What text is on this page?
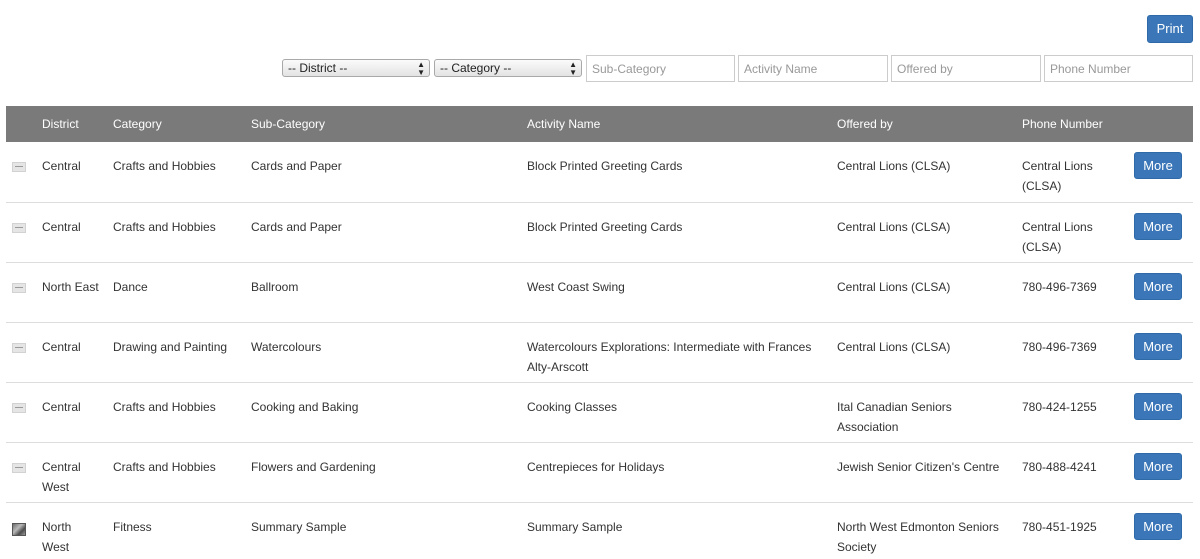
Print
-- District --	▲
▼	-- Category --	▲
▼
Sub-Category
Activity Name
Offered by
Phone Number
	District	Category	Sub-Category	Activity Name	Offered by	Phone Number	
	Central	Crafts and Hobbies	Cards and Paper	Block Printed Greeting Cards	Central Lions (CLSA)	Central Lions (CLSA)	More
	Central	Crafts and Hobbies	Cards and Paper	Block Printed Greeting Cards	Central Lions (CLSA)	Central Lions (CLSA)	More
	North East	Dance	Ballroom	West Coast Swing	Central Lions (CLSA)	780-496-7369	More
	Central	Drawing and Painting	Watercolours	Watercolours Explorations: Intermediate with Frances Alty-Arscott	Central Lions (CLSA)	780-496-7369	More
	Central	Crafts and Hobbies	Cooking and Baking	Cooking Classes	Ital Canadian Seniors Association	780-424-1255	More
	Central West	Crafts and Hobbies	Flowers and Gardening	Centrepieces for Holidays	Jewish Senior Citizen's Centre	780-488-4241	More
	North West	Fitness	Summary Sample	Summary Sample	North West Edmonton Seniors Society	780-451-1925	More
